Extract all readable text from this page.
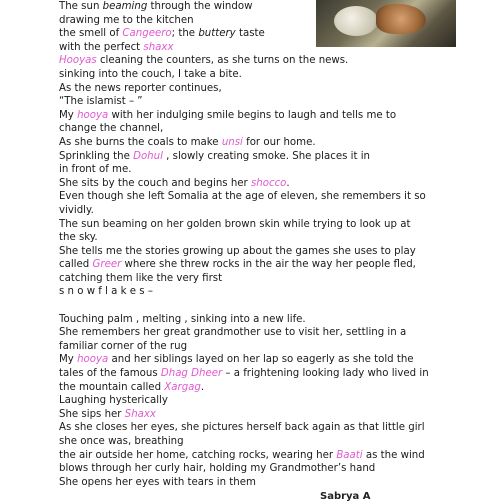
The sun beaming through the window
drawing me to the kitchen
the smell of Cangeero; the buttery taste
with the perfect shaxx
Hooyas cleaning the counters, as she turns on the news.
sinking into the couch, I take a bite.
As the news reporter continues,
“The islamist – ”
My hooya with her indulging smile begins to laugh and tells me to
change the channel,
As she burns the coals to make unsi for our home.
Sprinkling the Dohul , slowly creating smoke. She places it in
in front of me.
She sits by the couch and begins her shocco.
Even though she left Somalia at the age of eleven, she remembers it so
vividly.
The sun beaming on her golden brown skin while trying to look up at
the sky.
She tells me the stories growing up about the games she uses to play
called Greer where she threw rocks in the air the way her people fled,
catching them like the very first
s n o w f l a k e s –
Touching palm , melting , sinking into a new life.
She remembers her great grandmother use to visit her, settling in a
familiar corner of the rug
My hooya and her siblings layed on her lap so eagerly as she told the
tales of the famous Dhag Dheer – a frightening looking lady who lived in
the mountain called Xargag.
Laughing hysterically
She sips her Shaxx
As she closes her eyes, she pictures herself back again as that little girl
she once was, breathing
the air outside her home, catching rocks, wearing her Baati as the wind
blows through her curly hair, holding my Grandmother’s hand
She opens her eyes with tears in them
Sabrya A
